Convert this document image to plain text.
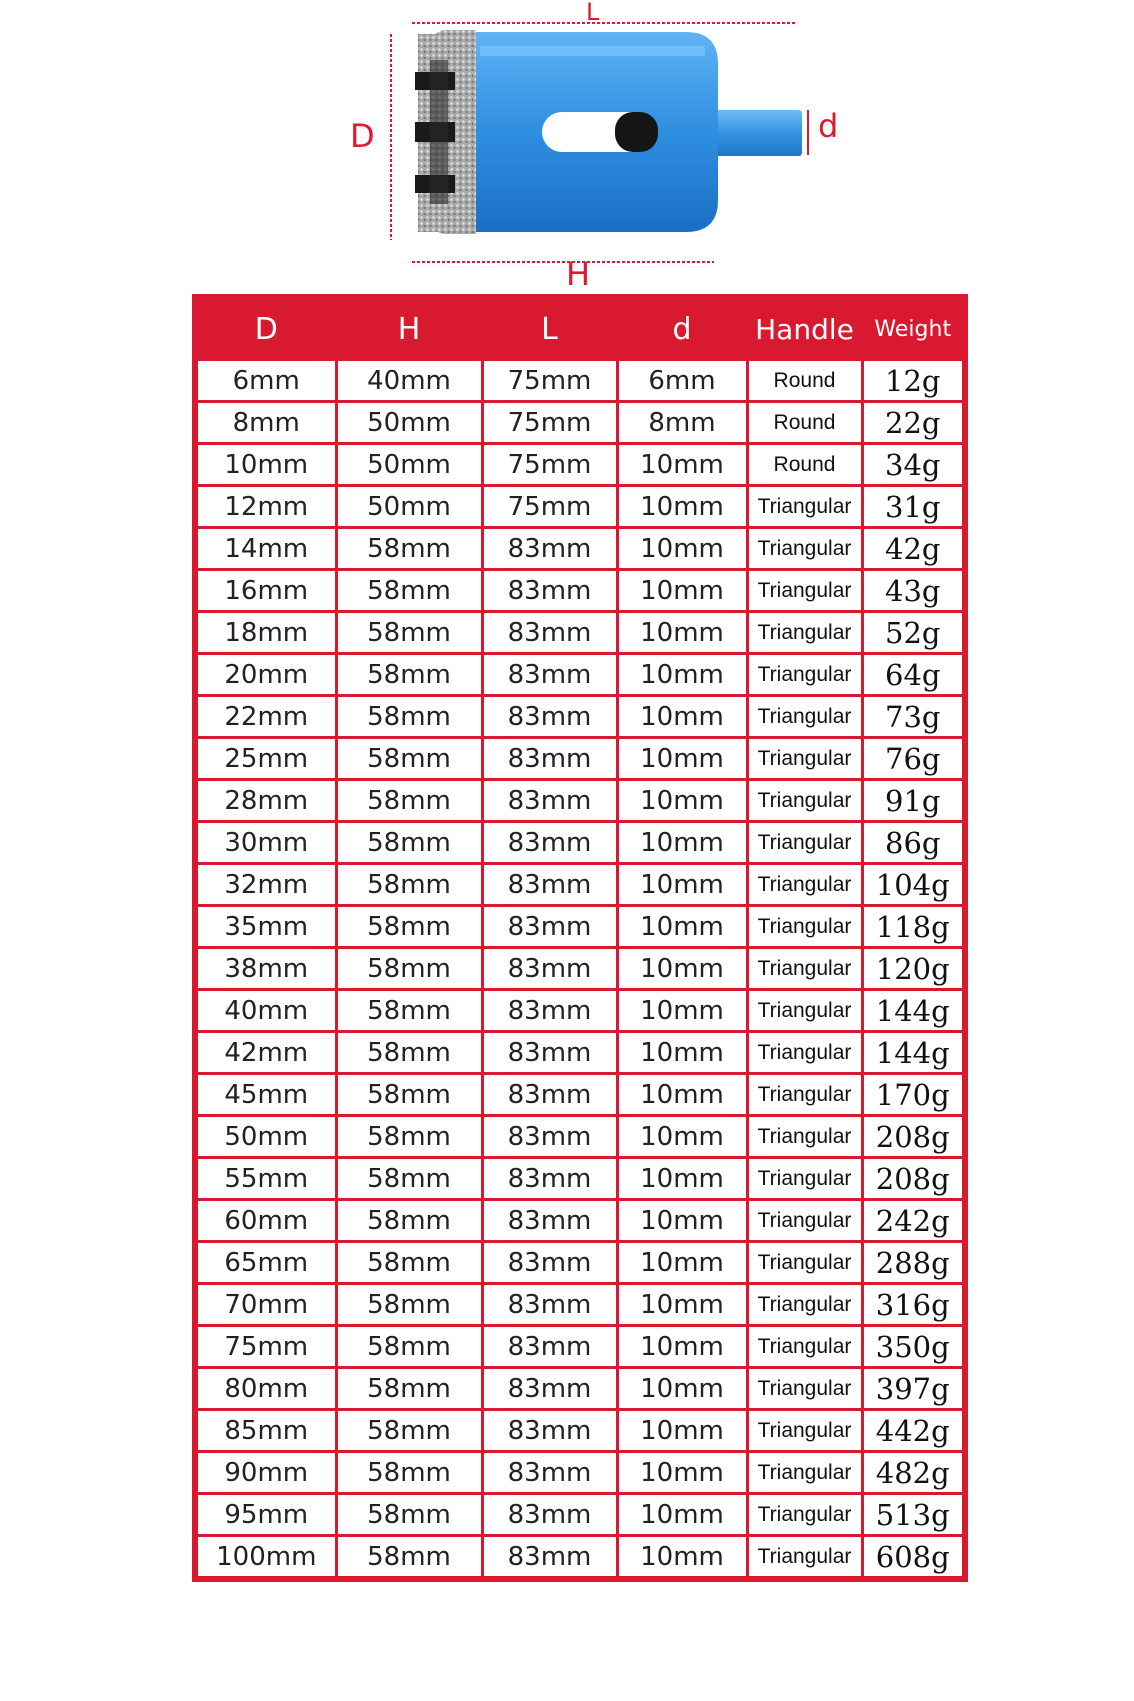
L
D	d
H
D	H	L	d	Handle	Weight
6mm	40mm	75mm	6mm	Round	12g
8mm	50mm	75mm	8mm	Round	22g
10mm	50mm	75mm	10mm	Round	34g
12mm	50mm	75mm	10mm	Triangular	31g
14mm	58mm	83mm	10mm	Triangular	42g
16mm	58mm	83mm	10mm	Triangular	43g
18mm	58mm	83mm	10mm	Triangular	52g
20mm	58mm	83mm	10mm	Triangular	64g
22mm	58mm	83mm	10mm	Triangular	73g
25mm	58mm	83mm	10mm	Triangular	76g
28mm	58mm	83mm	10mm	Triangular	91g
30mm	58mm	83mm	10mm	Triangular	86g
32mm	58mm	83mm	10mm	Triangular	104g
35mm	58mm	83mm	10mm	Triangular	118g
38mm	58mm	83mm	10mm	Triangular	120g
40mm	58mm	83mm	10mm	Triangular	144g
42mm	58mm	83mm	10mm	Triangular	144g
45mm	58mm	83mm	10mm	Triangular	170g
50mm	58mm	83mm	10mm	Triangular	208g
55mm	58mm	83mm	10mm	Triangular	208g
60mm	58mm	83mm	10mm	Triangular	242g
65mm	58mm	83mm	10mm	Triangular	288g
70mm	58mm	83mm	10mm	Triangular	316g
75mm	58mm	83mm	10mm	Triangular	350g
80mm	58mm	83mm	10mm	Triangular	397g
85mm	58mm	83mm	10mm	Triangular	442g
90mm	58mm	83mm	10mm	Triangular	482g
95mm	58mm	83mm	10mm	Triangular	513g
100mm	58mm	83mm	10mm	Triangular	608g
